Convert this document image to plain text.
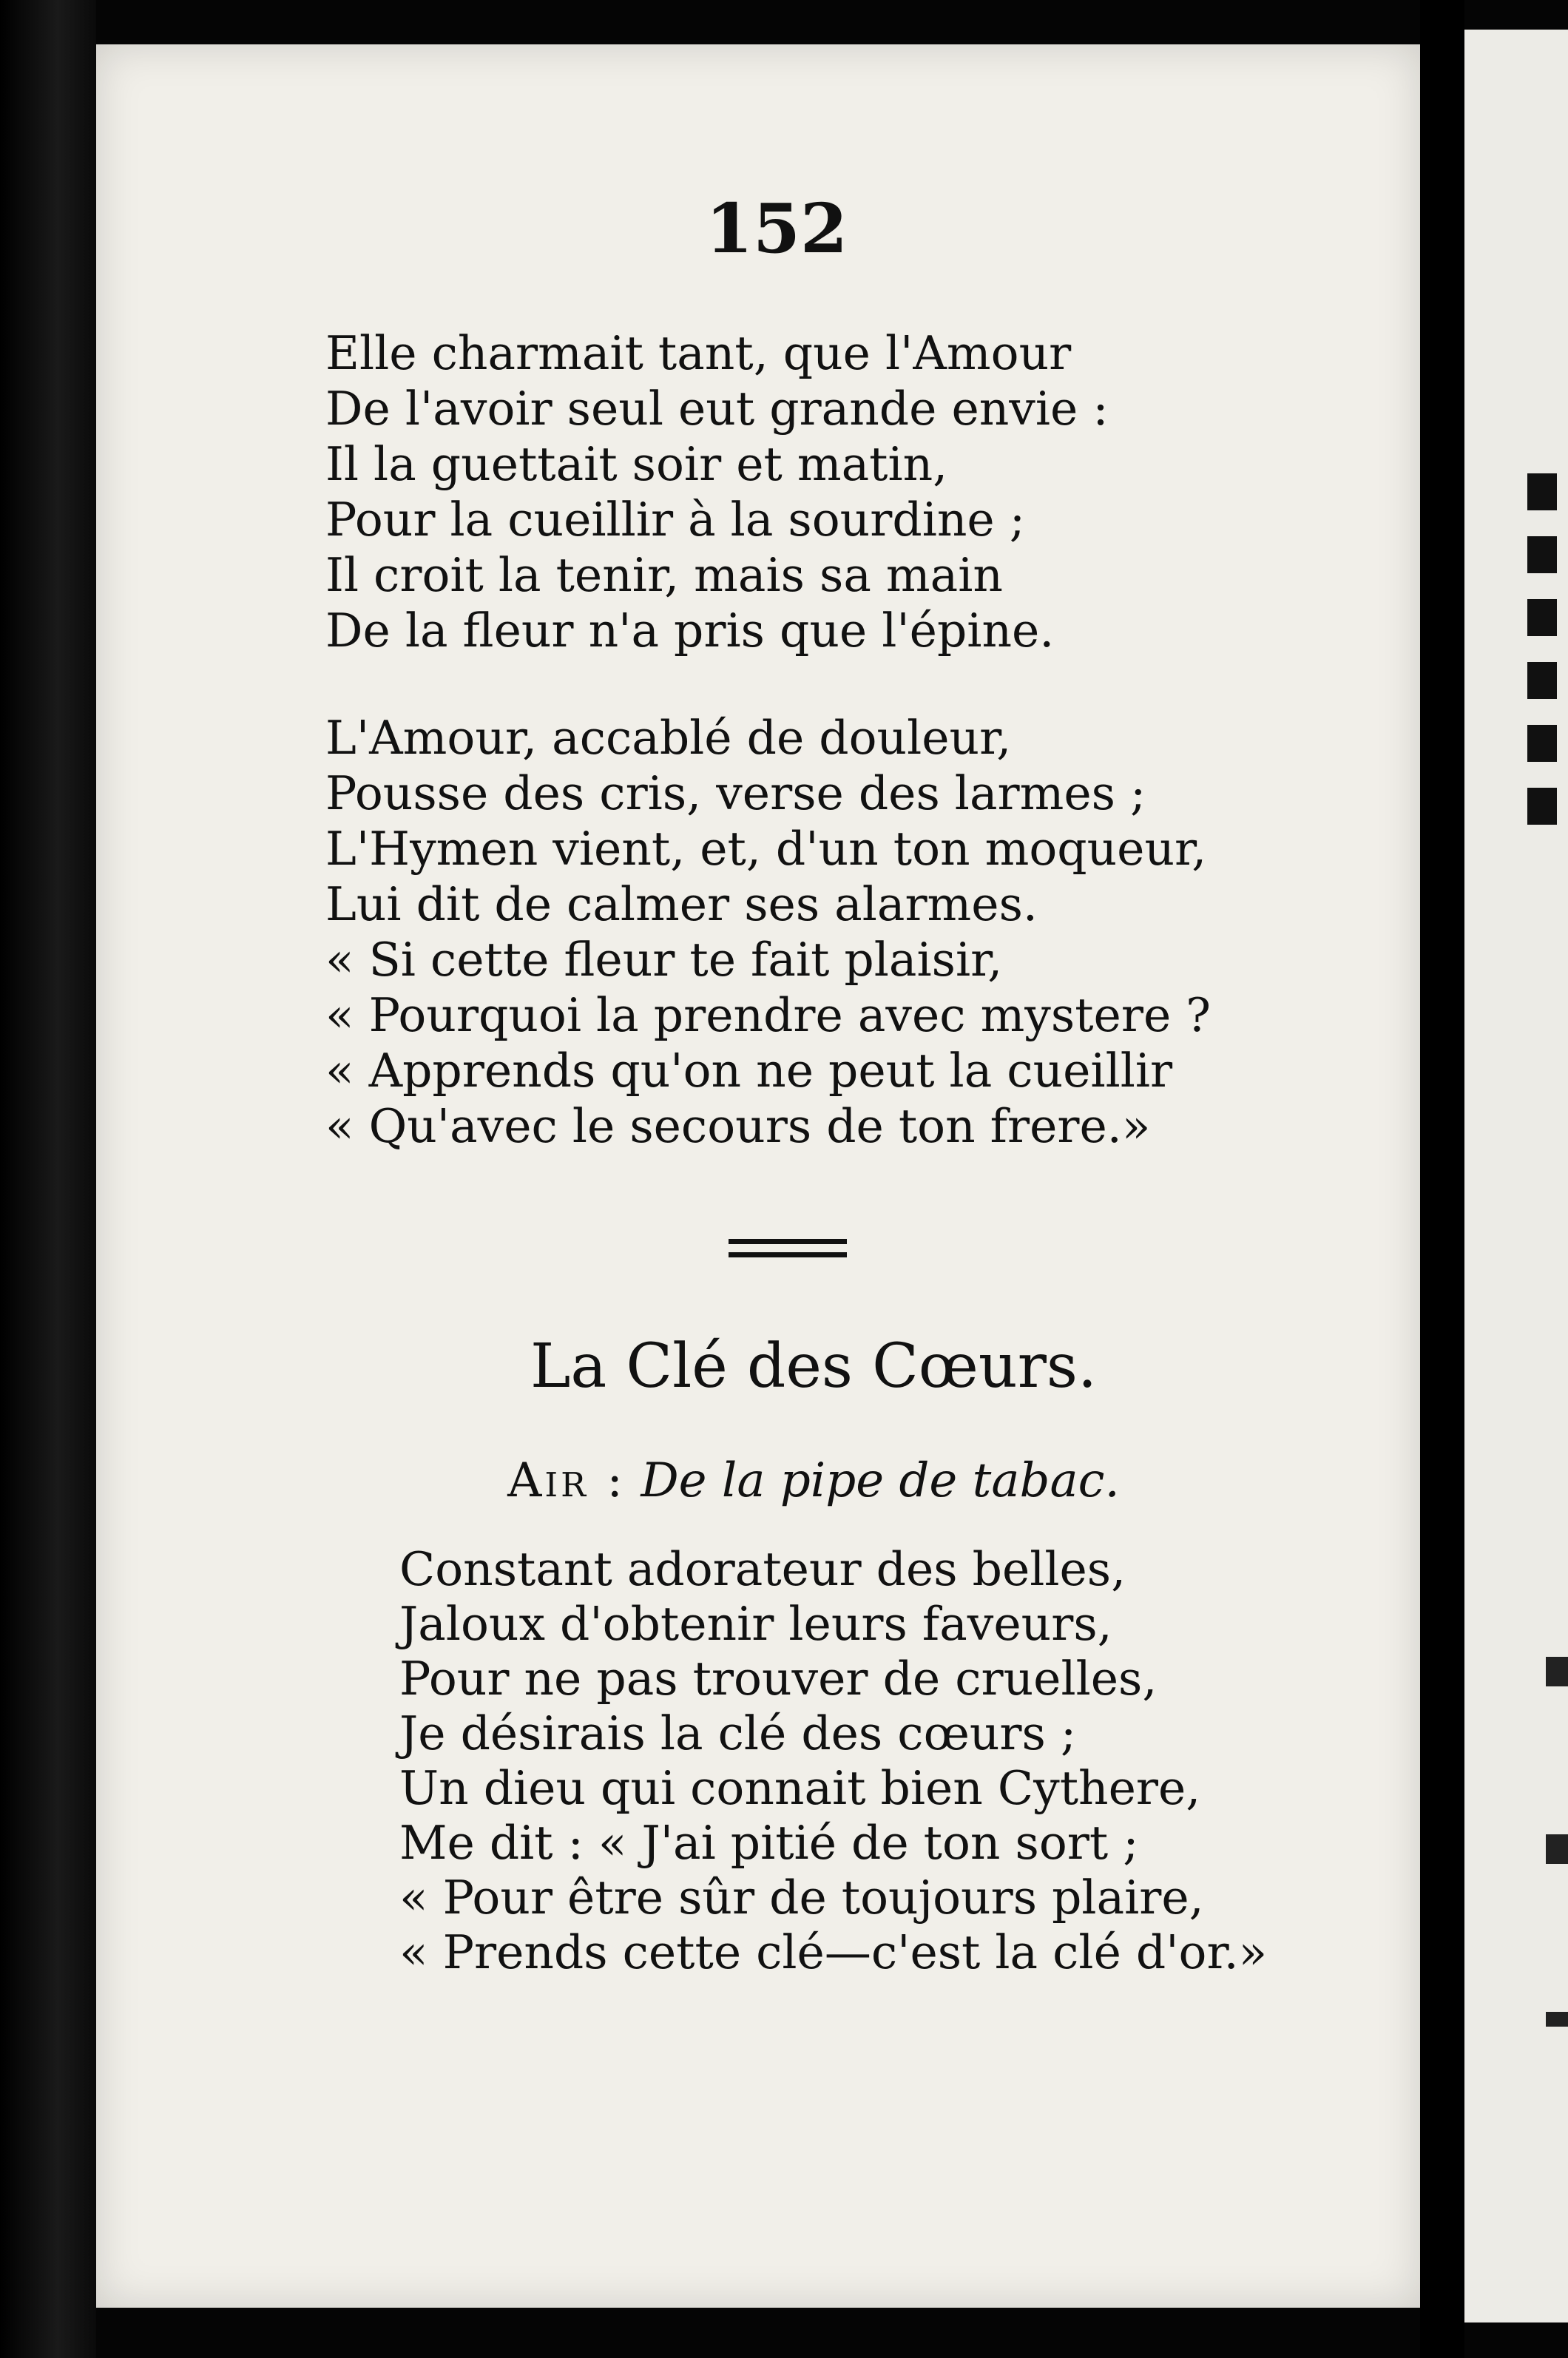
152
Elle charmait tant, que l'Amour
De l'avoir seul eut grande envie :
Il la guettait soir et matin,
Pour la cueillir à la sourdine ;
Il croit la tenir, mais sa main
De la fleur n'a pris que l'épine.
L'Amour, accablé de douleur,
Pousse des cris, verse des larmes ;
L'Hymen vient, et, d'un ton moqueur,
Lui dit de calmer ses alarmes.
« Si cette fleur te fait plaisir,
« Pourquoi la prendre avec mystere ?
« Apprends qu'on ne peut la cueillir
« Qu'avec le secours de ton frere.»
La Clé des Cœurs.
Air : De la pipe de tabac.
Constant adorateur des belles,
Jaloux d'obtenir leurs faveurs,
Pour ne pas trouver de cruelles,
Je désirais la clé des cœurs ;
Un dieu qui connait bien Cythere,
Me dit : « J'ai pitié de ton sort ;
« Pour être sûr de toujours plaire,
« Prends cette clé—c'est la clé d'or.»
